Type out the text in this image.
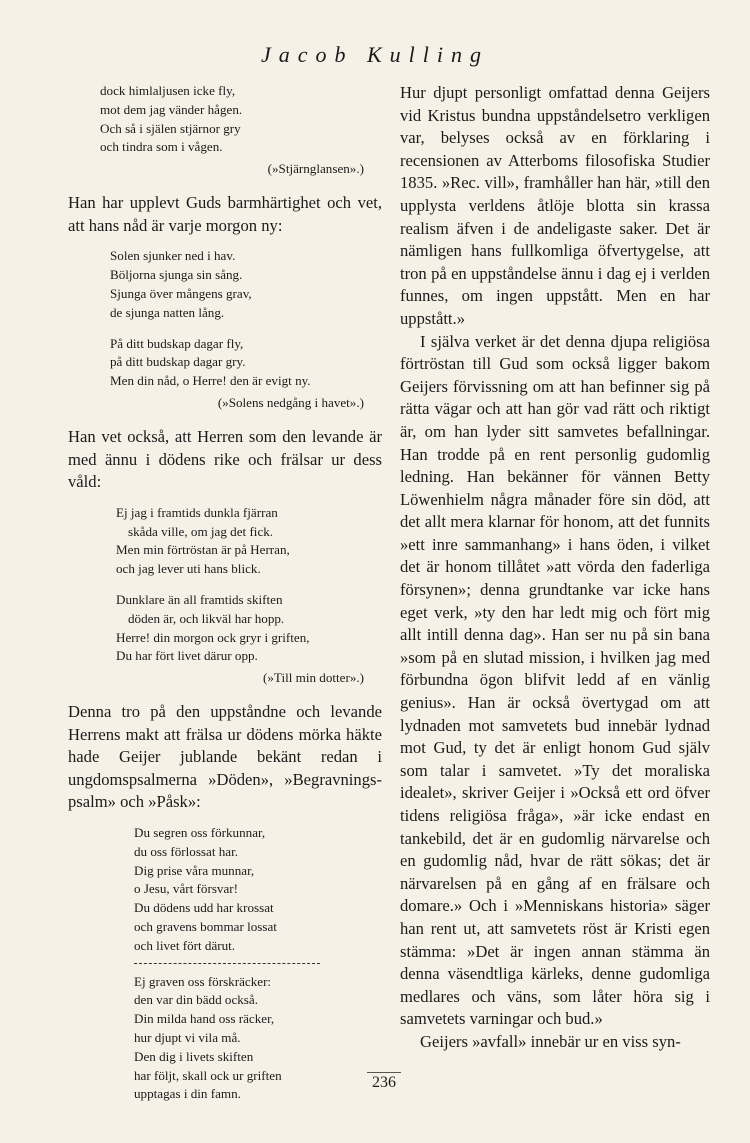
Jacob Kulling
dock himlaljusen icke fly,
mot dem jag vänder hågen.
Och så i själen stjärnor gry
och tindra som i vågen.

(»Stjärnglansen».)

Han har upplevt Guds barmhärtighet och vet, att hans nåd är varje morgon ny:

Solen sjunker ned i hav.
Böljorna sjunga sin sång.
Sjunga över mångens grav,
de sjunga natten lång.
På ditt budskap dagar fly,
på ditt budskap dagar gry.
Men din nåd, o Herre! den är evigt ny.

(»Solens nedgång i havet».)

Han vet också, att Herren som den levande är med ännu i dödens rike och frälsar ur dess våld:

Ej jag i framtids dunkla fjärran
skåda ville, om jag det fick.
Men min förtröstan är på Herran,
och jag lever uti hans blick.
Dunklare än all framtids skiften
döden är, och likväl har hopp.
Herre! din morgon ock gryr i griften,
Du har fört livet därur opp.

(»Till min dotter».)

Denna tro på den uppståndne och levande Herrens makt att frälsa ur dödens mörka häkte hade Geijer jublande bekänt redan i ungdomspsalmerna »Döden», »Begravnings-psalm» och »Påsk»:

Du segren oss förkunnar,
du oss förlossat har.
Dig prise våra munnar,
o Jesu, vårt försvar!
Du dödens udd har krossat
och gravens bommar lossat
och livet fört därut.
Ej graven oss förskräcker:
den var din bädd också.
Din milda hand oss räcker,
hur djupt vi vila må.
Den dig i livets skiften
har följt, skall ock ur griften
upptagas i din famn.

Hur djupt personligt omfattad denna Geijers vid Kristus bundna uppståndelsetro verkligen var, belyses också av en förklaring i recensionen av Atterboms filosofiska Studier 1835. »Rec. vill», framhåller han här, »till den upplysta verldens åtlöje blotta sin krassa realism äfven i de andeligaste saker. Det är nämligen hans fullkomliga öfvertygelse, att tron på en uppståndelse ännu i dag ej i verlden funnes, om ingen uppstått. Men en har uppstått.»

I själva verket är det denna djupa religiösa förtröstan till Gud som också ligger bakom Geijers förvissning om att han befinner sig på rätta vägar och att han gör vad rätt och riktigt är, om han lyder sitt samvetes befallningar. Han trodde på en rent personlig gudomlig ledning. Han bekänner för vännen Betty Löwenhielm några månader före sin död, att det allt mera klarnar för honom, att det funnits »ett inre sammanhang» i hans öden, i vilket det är honom tillåtet »att vörda den faderliga försynen»; denna grundtanke var icke hans eget verk, »ty den har ledt mig och fört mig allt intill denna dag». Han ser nu på sin bana »som på en slutad mission, i hvilken jag med förbundna ögon blifvit ledd af en vänlig genius». Han är också övertygad om att lydnaden mot samvetets bud innebär lydnad mot Gud, ty det är enligt honom Gud själv som talar i samvetet. »Ty det moraliska idealet», skriver Geijer i »Också ett ord öfver tidens religiösa fråga», »är icke endast en tankebild, det är en gudomlig närvarelse och en gudomlig nåd, hvar de rätt sökas; det är närvarelsen på en gång af en frälsare och domare.» Och i »Menniskans historia» säger han rent ut, att samvetets röst är Kristi egen stämma: »Det är ingen annan stämma än denna väsendtliga kärleks, denne gudomliga medlares och väns, som låter höra sig i samvetets varningar och bud.»

Geijers »avfall» innebär ur en viss syn-

236
